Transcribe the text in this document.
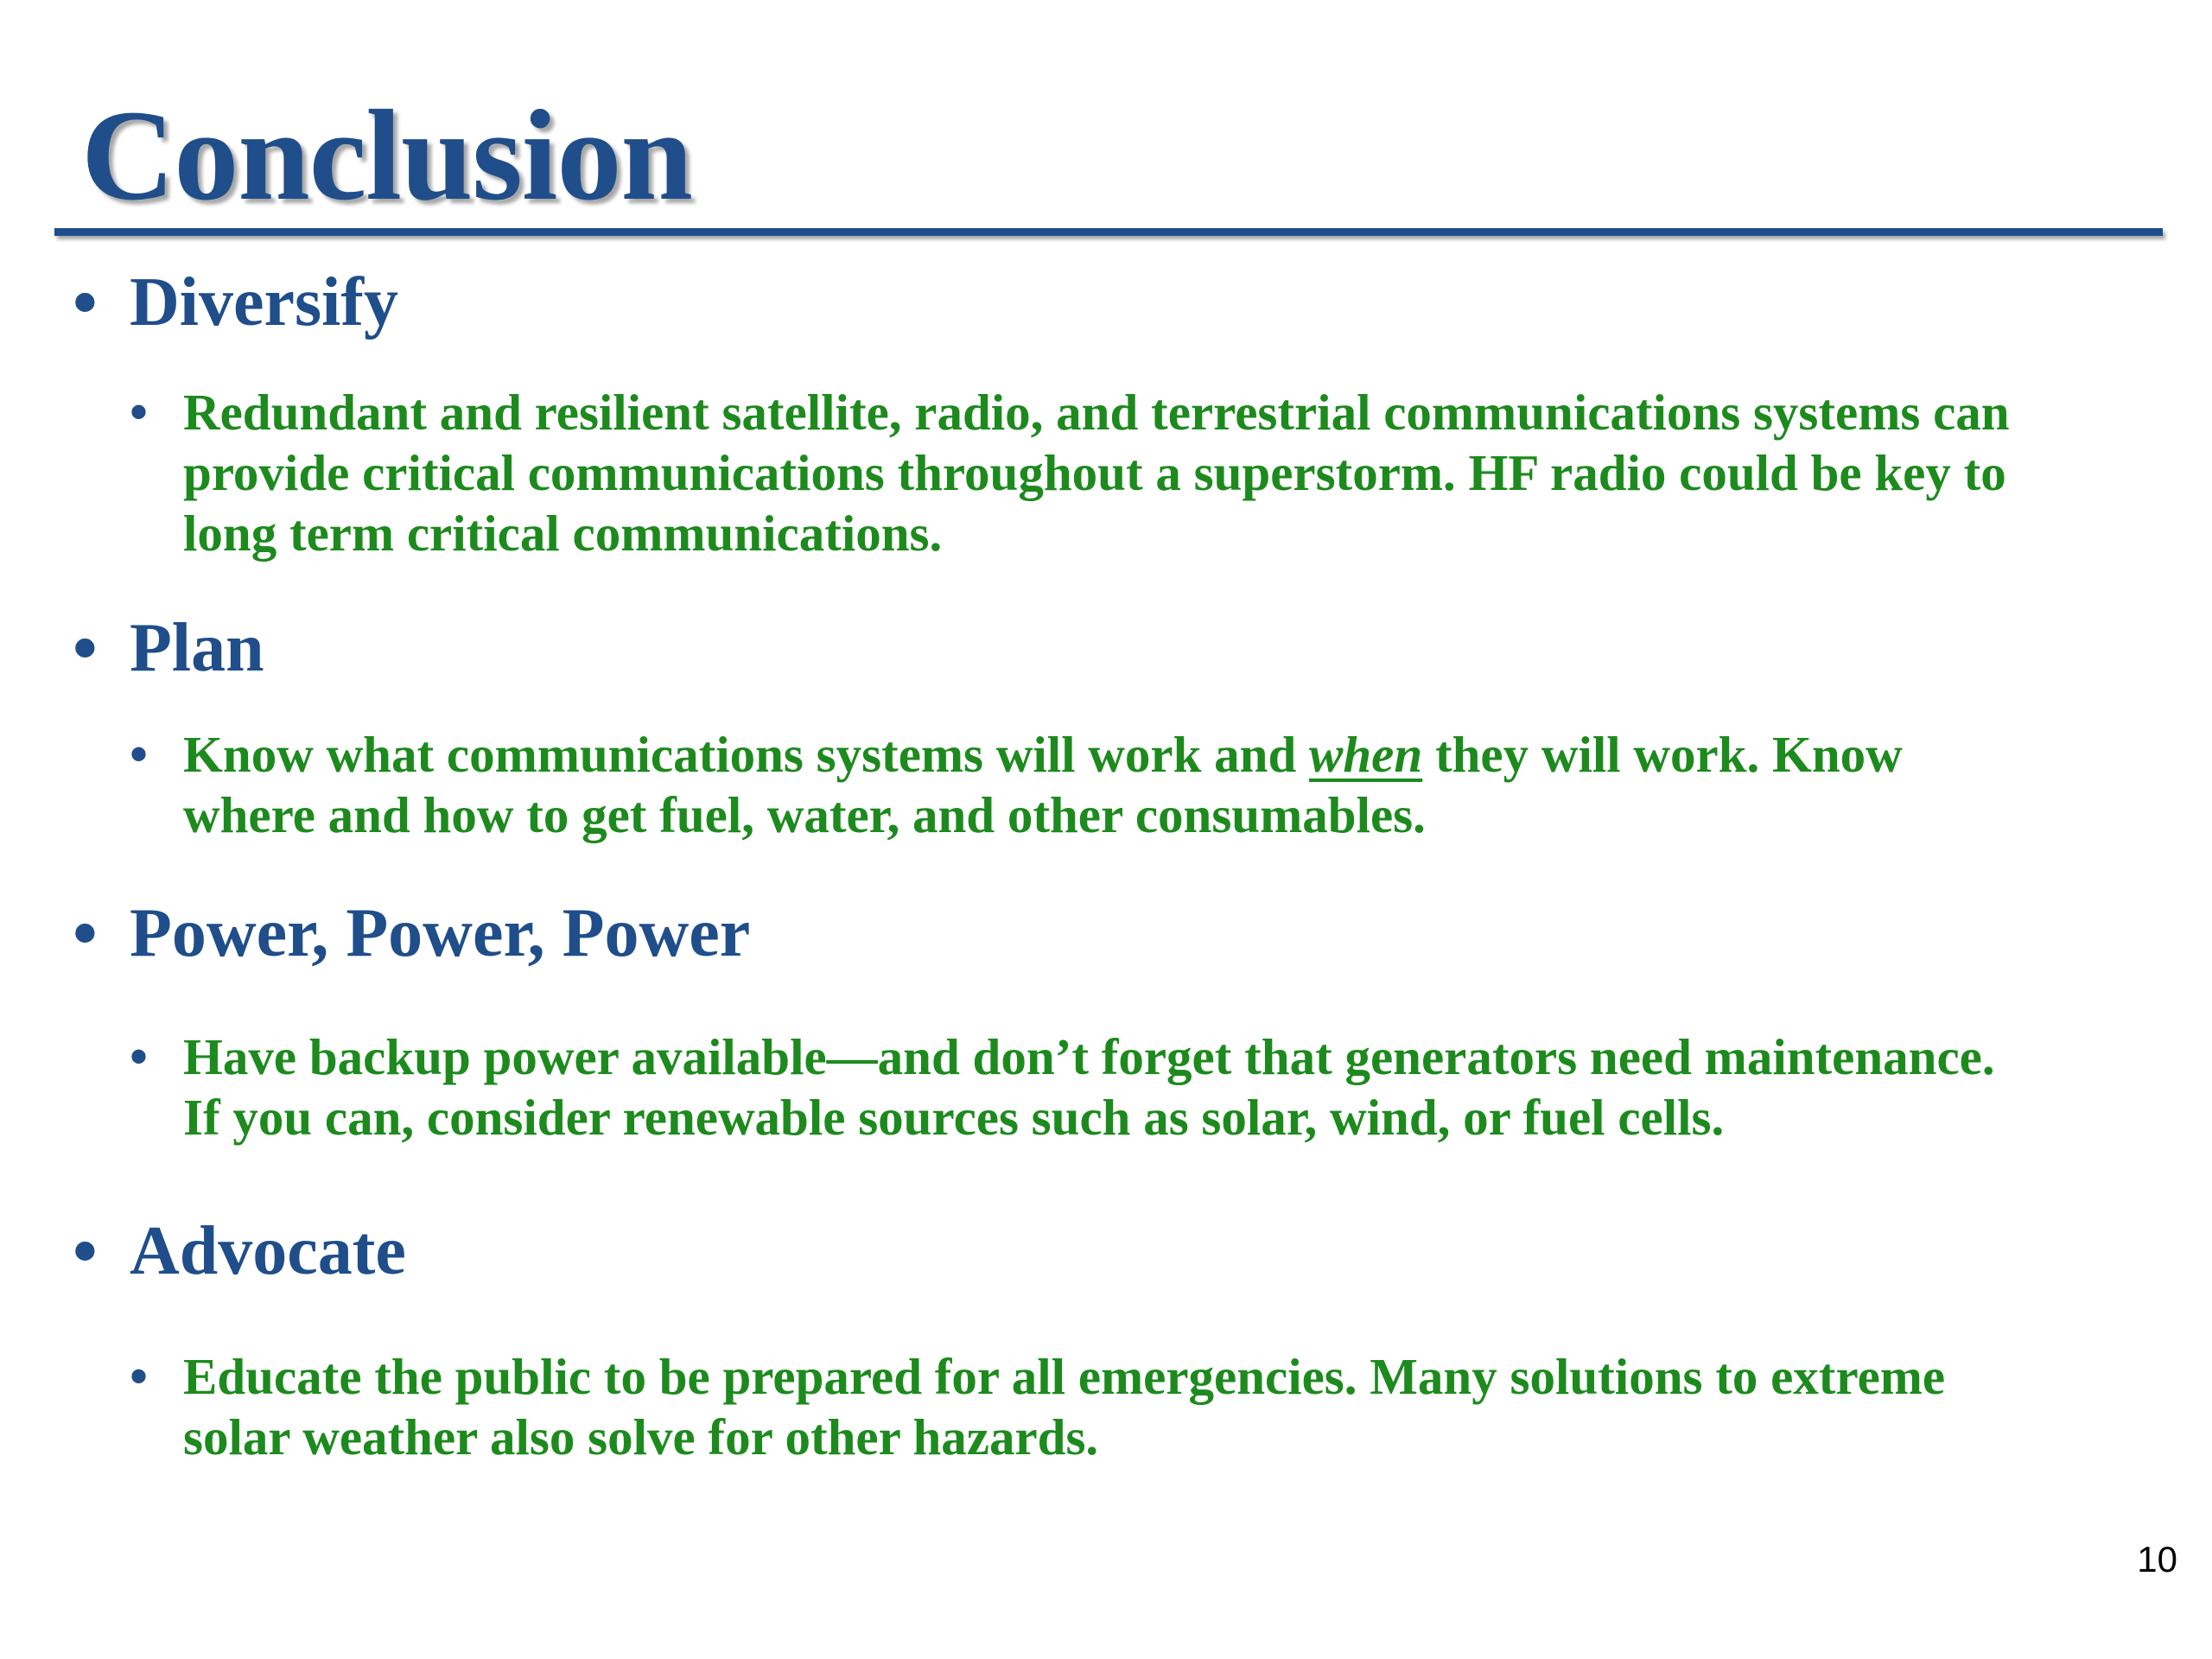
Conclusion
• Diversify
• Redundant and resilient satellite, radio, and terrestrial communications systems can
provide critical communications throughout a superstorm. HF radio could be key to
long term critical communications.
• Plan
• Know what communications systems will work and when they will work. Know
where and how to get fuel, water, and other consumables.
• Power, Power, Power
• Have backup power available—and don’t forget that generators need maintenance.
If you can, consider renewable sources such as solar, wind, or fuel cells.
• Advocate
• Educate the public to be prepared for all emergencies. Many solutions to extreme
solar weather also solve for other hazards.
10
